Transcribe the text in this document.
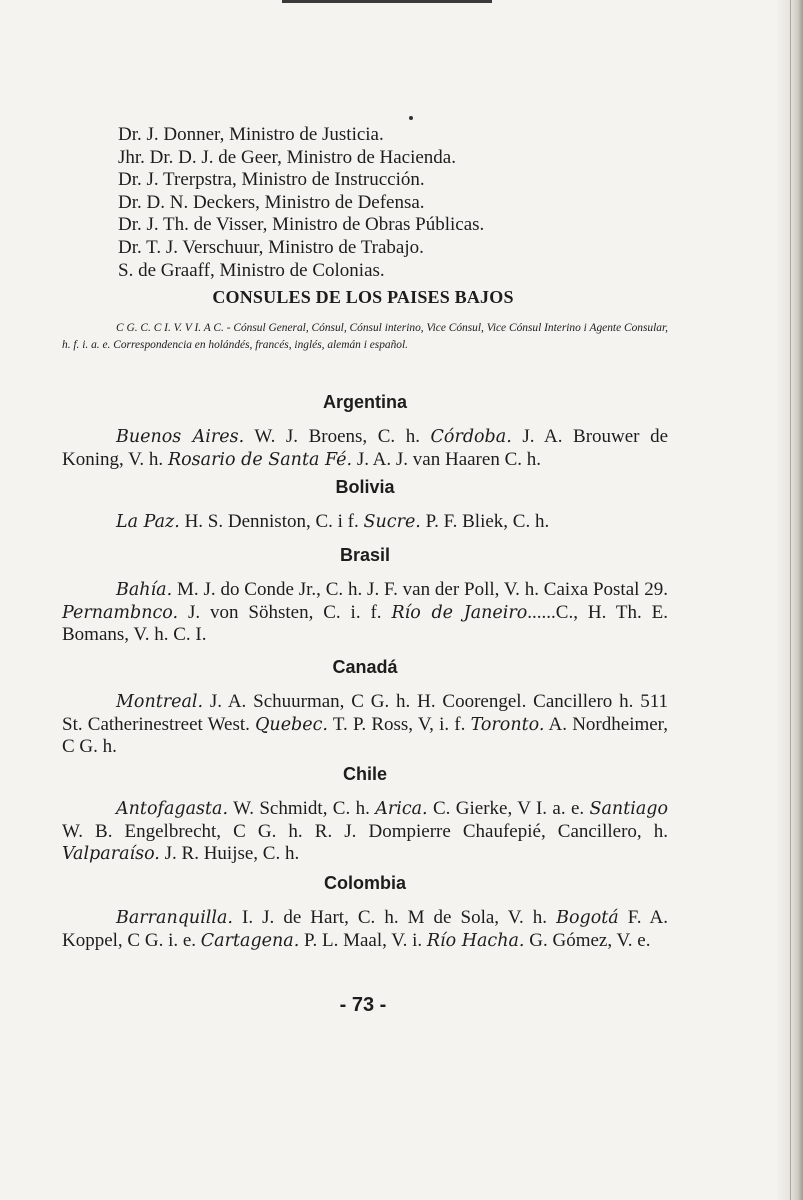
Dr. J. Donner, Ministro de Justicia.
Jhr. Dr. D. J. de Geer, Ministro de Hacienda.
Dr. J. Trerpstra, Ministro de Instrucción.
Dr. D. N. Deckers, Ministro de Defensa.
Dr. J. Th. de Visser, Ministro de Obras Públicas.
Dr. T. J. Verschuur, Ministro de Trabajo.
S. de Graaff, Ministro de Colonias.
CONSULES DE LOS PAISES BAJOS
C G. C. C I. V. V I. A C. - Cónsul General, Cónsul, Cónsul interino, Vice Cónsul, Vice Cónsul Interino i Agente Consular, h. f. i. a. e. Correspondencia en holándés, francés, inglés, alemán i español.
Argentina
Buenos Aires. W. J. Broens, C. h. Córdoba. J. A. Brouwer de Koning, V. h. Rosario de Santa Fé. J. A. J. van Haaren C. h.
Bolivia
La Paz. H. S. Denniston, C. i f. Sucre. P. F. Bliek, C. h.
Brasil
Bahía. M. J. do Conde Jr., C. h. J. F. van der Poll, V. h. Caixa Postal 29. Pernambnco. J. von Söhsten, C. i. f. Río de Janeiro......C., H. Th. E. Bomans, V. h. C. I.
Canadá
Montreal. J. A. Schuurman, C G. h. H. Coorengel. Cancillero h. 511 St. Catherinestreet West. Quebec. T. P. Ross, V, i. f. Toronto. A. Nordheimer, C G. h.
Chile
Antofagasta. W. Schmidt, C. h. Arica. C. Gierke, V I. a. e. Santiago W. B. Engelbrecht, C G. h. R. J. Dompierre Chaufepié, Cancillero, h. Valparaíso. J. R. Huijse, C. h.
Colombia
Barranquilla. I. J. de Hart, C. h. M de Sola, V. h. Bogotá F. A. Koppel, C G. i. e. Cartagena. P. L. Maal, V. i. Río Hacha. G. Gómez, V. e.
- 73 -
